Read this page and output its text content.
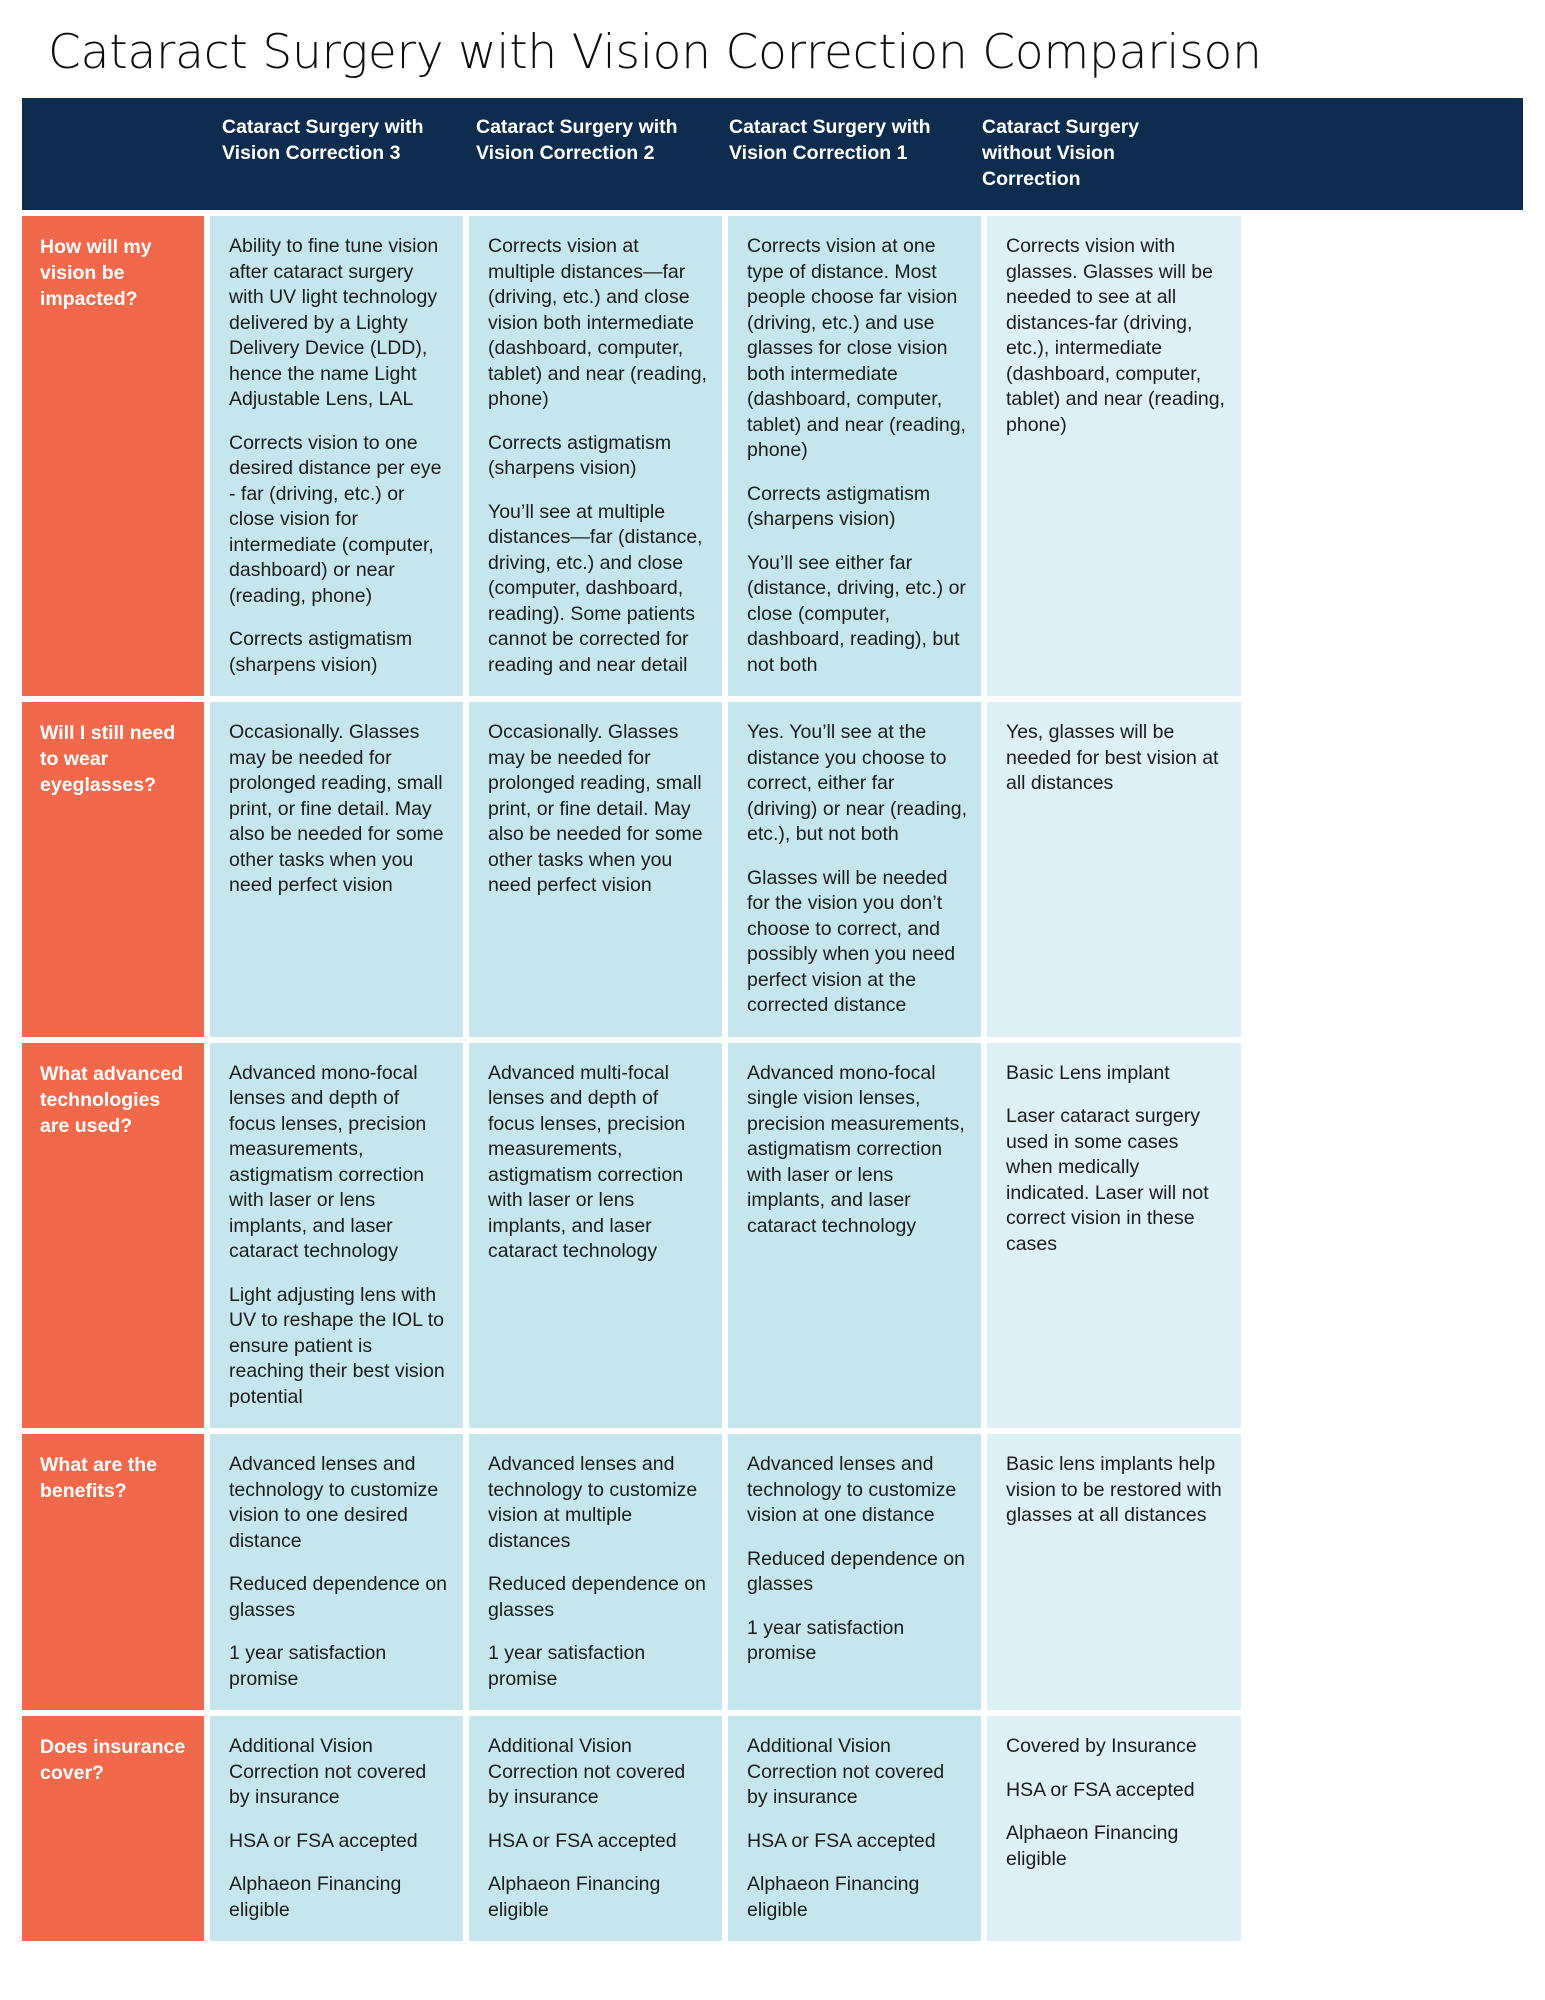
Cataract Surgery with Vision Correction Comparison
Cataract Surgery with Vision Correction 3
Cataract Surgery with Vision Correction 2
Cataract Surgery with Vision Correction 1
Cataract Surgery without Vision Correction
How will my vision be impacted?

Ability to fine tune vision after cataract surgery with UV light technology delivered by a Lighty Delivery Device (LDD), hence the name Light Adjustable Lens, LAL

Corrects vision to one desired distance per eye - far (driving, etc.) or close vision for intermediate (computer, dashboard) or near (reading, phone)

Corrects astigmatism (sharpens vision)

Corrects vision at multiple distances—far (driving, etc.) and close vision both intermediate (dashboard, computer, tablet) and near (reading, phone)

Corrects astigmatism (sharpens vision)

You’ll see at multiple distances—far (distance, driving, etc.) and close (computer, dashboard, reading). Some patients cannot be corrected for reading and near detail

Corrects vision at one type of distance. Most people choose far vision (driving, etc.) and use glasses for close vision both intermediate (dashboard, computer, tablet) and near (reading, phone)

Corrects astigmatism (sharpens vision)

You’ll see either far (distance, driving, etc.) or close (computer, dashboard, reading), but not both

Corrects vision with glasses. Glasses will be needed to see at all distances-far (driving, etc.), intermediate (dashboard, computer, tablet) and near (reading, phone)

Will I still need to wear eyeglasses?

Occasionally. Glasses may be needed for prolonged reading, small print, or fine detail. May also be needed for some other tasks when you need perfect vision

Occasionally. Glasses may be needed for prolonged reading, small print, or fine detail. May also be needed for some other tasks when you need perfect vision

Yes. You’ll see at the distance you choose to correct, either far (driving) or near (reading, etc.), but not both

Glasses will be needed for the vision you don’t choose to correct, and possibly when you need perfect vision at the corrected distance

Yes, glasses will be needed for best vision at all distances

What advanced technologies are used?

Advanced mono-focal lenses and depth of focus lenses, precision measurements, astigmatism correction with laser or lens implants, and laser cataract technology

Light adjusting lens with UV to reshape the IOL to ensure patient is reaching their best vision potential

Advanced multi-focal lenses and depth of focus lenses, precision measurements, astigmatism correction with laser or lens implants, and laser cataract technology

Advanced mono-focal single vision lenses, precision measurements, astigmatism correction with laser or lens implants, and laser cataract technology

Basic Lens implant

Laser cataract surgery used in some cases when medically indicated. Laser will not correct vision in these cases

What are the benefits?

Advanced lenses and technology to customize vision to one desired distance

Reduced dependence on glasses

1 year satisfaction promise

Advanced lenses and technology to customize vision at multiple distances

Reduced dependence on glasses

1 year satisfaction promise

Advanced lenses and technology to customize vision at one distance

Reduced dependence on glasses

1 year satisfaction promise

Basic lens implants help vision to be restored with glasses at all distances

Does insurance cover?

Additional Vision Correction not covered by insurance

HSA or FSA accepted

Alphaeon Financing eligible

Additional Vision Correction not covered by insurance

HSA or FSA accepted

Alphaeon Financing eligible

Additional Vision Correction not covered by insurance

HSA or FSA accepted

Alphaeon Financing eligible

Covered by Insurance

HSA or FSA accepted

Alphaeon Financing eligible
